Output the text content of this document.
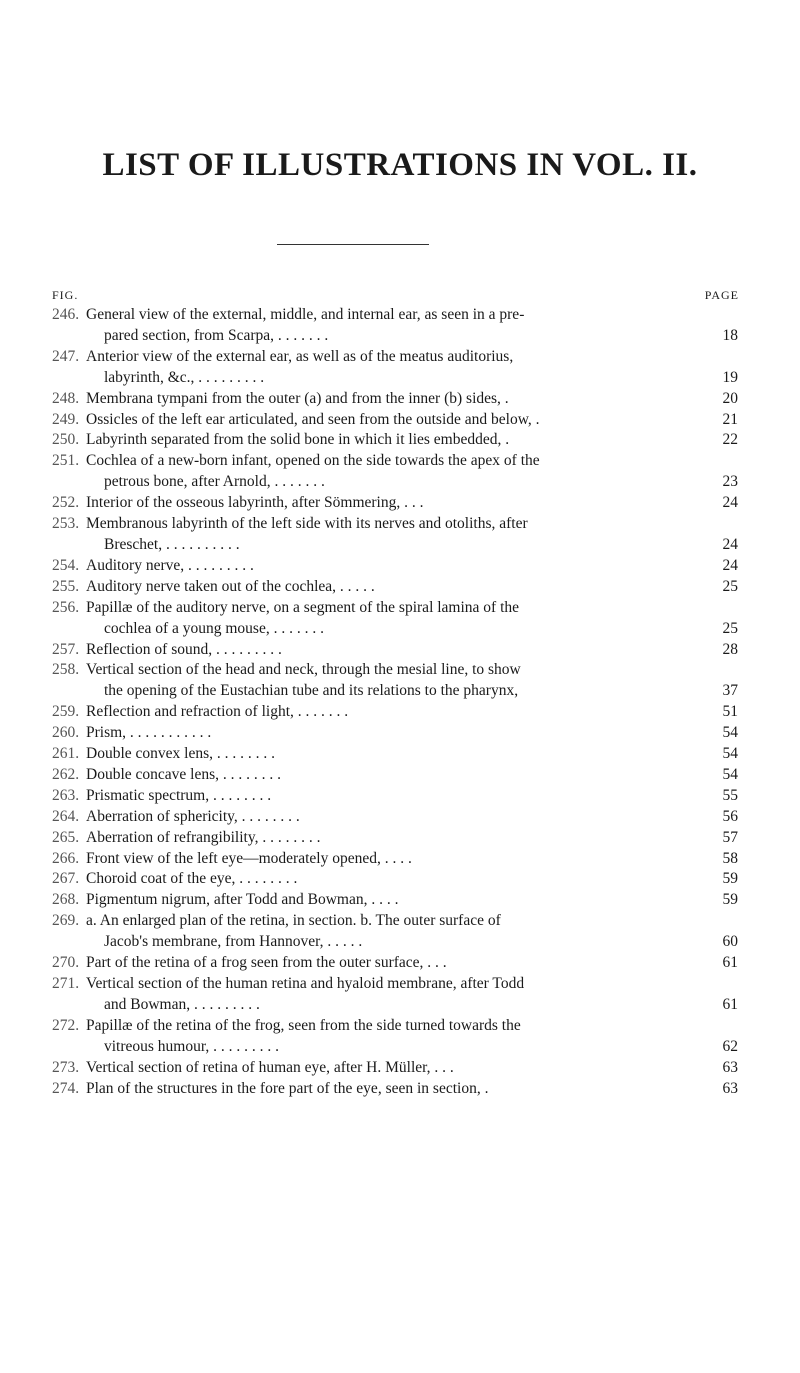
LIST OF ILLUSTRATIONS IN VOL. II.
FIG.	PAGE
246. General view of the external, middle, and internal ear, as seen in a pre-
pared section, from Scarpa, . . . . . . .	18
247. Anterior view of the external ear, as well as of the meatus auditorius,
labyrinth, &c., . . . . . . . . .	19
248. Membrana tympani from the outer (a) and from the inner (b) sides, .	20
249. Ossicles of the left ear articulated, and seen from the outside and below, .	21
250. Labyrinth separated from the solid bone in which it lies embedded, .	22
251. Cochlea of a new-born infant, opened on the side towards the apex of the
petrous bone, after Arnold, . . . . . . .	23
252. Interior of the osseous labyrinth, after Sömmering, . . .	24
253. Membranous labyrinth of the left side with its nerves and otoliths, after
Breschet, . . . . . . . . . .	24
254. Auditory nerve, . . . . . . . . .	24
255. Auditory nerve taken out of the cochlea, . . . . .	25
256. Papillæ of the auditory nerve, on a segment of the spiral lamina of the
cochlea of a young mouse, . . . . . . .	25
257. Reflection of sound, . . . . . . . . .	28
258. Vertical section of the head and neck, through the mesial line, to show
the opening of the Eustachian tube and its relations to the pharynx,	37
259. Reflection and refraction of light, . . . . . . .	51
260. Prism, . . . . . . . . . . .	54
261. Double convex lens, . . . . . . . .	54
262. Double concave lens, . . . . . . . .	54
263. Prismatic spectrum, . . . . . . . .	55
264. Aberration of sphericity, . . . . . . . .	56
265. Aberration of refrangibility, . . . . . . . .	57
266. Front view of the left eye—moderately opened, . . . .	58
267. Choroid coat of the eye, . . . . . . . .	59
268. Pigmentum nigrum, after Todd and Bowman, . . . .	59
269. a. An enlarged plan of the retina, in section. b. The outer surface of
Jacob's membrane, from Hannover, . . . . .	60
270. Part of the retina of a frog seen from the outer surface, . . .	61
271. Vertical section of the human retina and hyaloid membrane, after Todd
and Bowman, . . . . . . . . .	61
272. Papillæ of the retina of the frog, seen from the side turned towards the
vitreous humour, . . . . . . . . .	62
273. Vertical section of retina of human eye, after H. Müller, . . .	63
274. Plan of the structures in the fore part of the eye, seen in section, .	63
